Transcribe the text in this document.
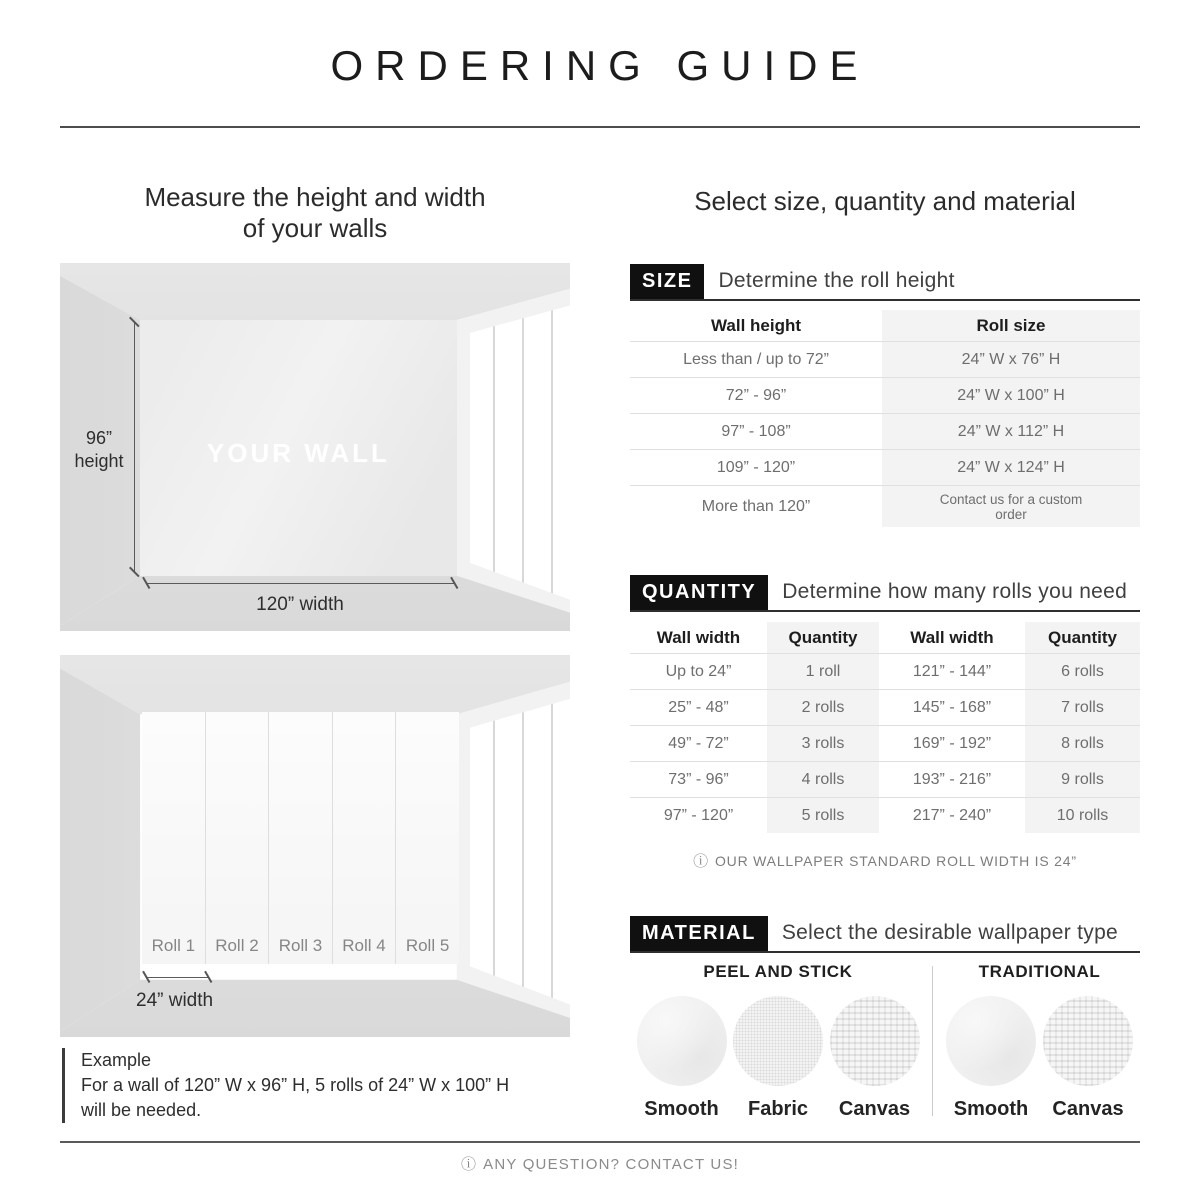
ORDERING GUIDE
Measure the height and width
of your walls
YOUR WALL
96”
height
120” width
Roll 1	Roll 2	Roll 3	Roll 4	Roll 5
24” width
Example
For a wall of 120” W x 96” H, 5 rolls of 24” W x 100” H
will be needed.
Select size, quantity and material
SIZE	Determine the roll height
Wall height	Roll size
Less than / up to 72”	24” W x 76” H
72” - 96”	24” W x 100” H
97” - 108”	24” W x 112” H
109” - 120”	24” W x 124” H
More than 120”	Contact us for a custom order
QUANTITY	Determine how many rolls you need
Wall width	Quantity	Wall width	Quantity
Up to 24”	1 roll	121” - 144”	6 rolls
25” - 48”	2 rolls	145” - 168”	7 rolls
49” - 72”	3 rolls	169” - 192”	8 rolls
73” - 96”	4 rolls	193” - 216”	9 rolls
97” - 120”	5 rolls	217” - 240”	10 rolls
ⓘ OUR WALLPAPER STANDARD ROLL WIDTH IS 24”
MATERIAL	Select the desirable wallpaper type
PEEL AND STICK
Smooth Fabric Canvas
TRADITIONAL
Smooth Canvas
ⓘ ANY QUESTION? CONTACT US!
